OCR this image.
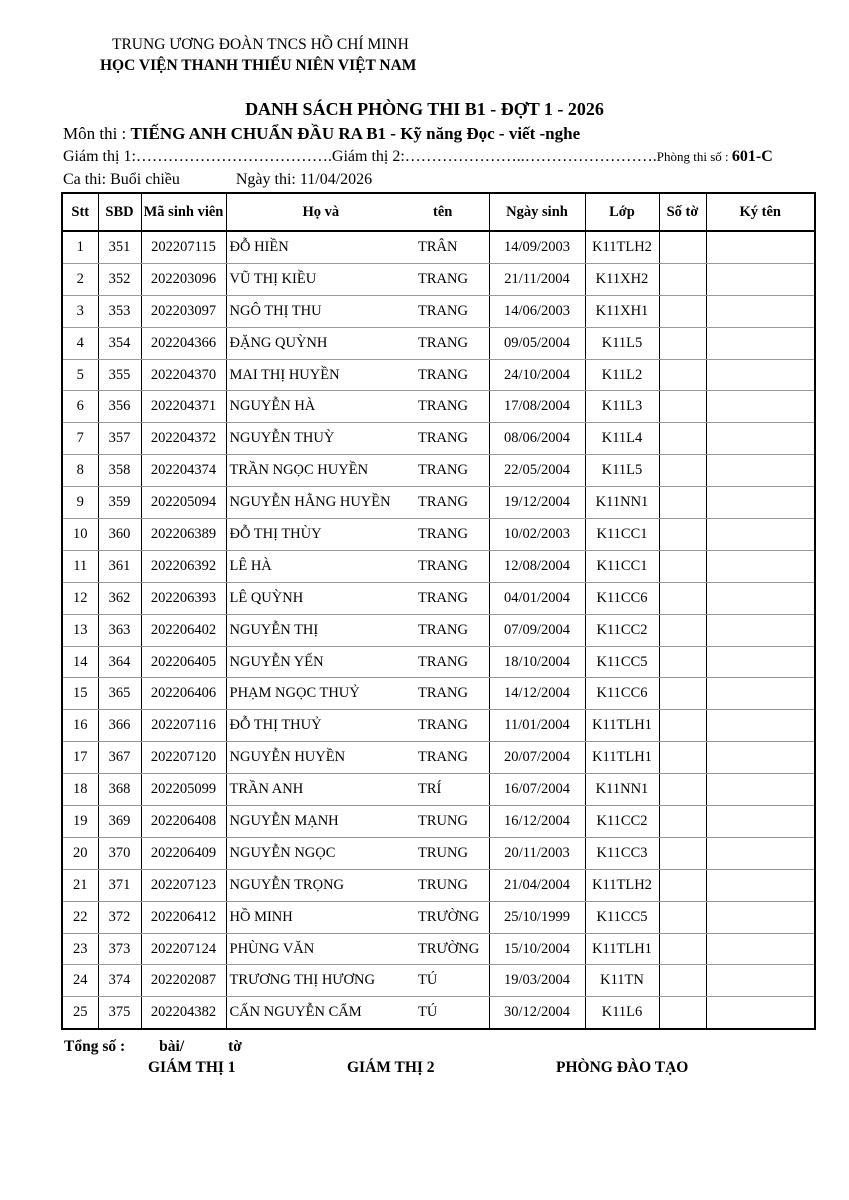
TRUNG ƯƠNG ĐOÀN TNCS HỒ CHÍ MINH
HỌC VIỆN THANH THIẾU NIÊN VIỆT NAM
DANH SÁCH PHÒNG THI B1 - ĐỢT 1 - 2026
Môn thi : TIẾNG ANH CHUẨN ĐẦU RA B1 - Kỹ năng Đọc - viết -nghe
Giám thị 1:……………………………….Giám thị 2:…………………..…………………….Phòng thi số : 601-C
Ca thi: Buổi chiều	Ngày thi: 11/04/2026
Stt	SBD	Mã sinh viên	Họ và	tên	Ngày sinh	Lớp	Số tờ	Ký tên
1	351	202207115	ĐỖ HIỀN	TRÂN	14/09/2003	K11TLH2		
2	352	202203096	VŨ THỊ KIỀU	TRANG	21/11/2004	K11XH2		
3	353	202203097	NGÔ THỊ THU	TRANG	14/06/2003	K11XH1		
4	354	202204366	ĐẶNG QUỲNH	TRANG	09/05/2004	K11L5		
5	355	202204370	MAI THỊ HUYỀN	TRANG	24/10/2004	K11L2		
6	356	202204371	NGUYỄN HÀ	TRANG	17/08/2004	K11L3		
7	357	202204372	NGUYỄN THUỲ	TRANG	08/06/2004	K11L4		
8	358	202204374	TRẦN NGỌC HUYỀN	TRANG	22/05/2004	K11L5		
9	359	202205094	NGUYỄN HẰNG HUYỀN	TRANG	19/12/2004	K11NN1		
10	360	202206389	ĐỖ THỊ THÙY	TRANG	10/02/2003	K11CC1		
11	361	202206392	LÊ HÀ	TRANG	12/08/2004	K11CC1		
12	362	202206393	LÊ QUỲNH	TRANG	04/01/2004	K11CC6		
13	363	202206402	NGUYỄN THỊ	TRANG	07/09/2004	K11CC2		
14	364	202206405	NGUYỄN YẾN	TRANG	18/10/2004	K11CC5		
15	365	202206406	PHẠM NGỌC THUỶ	TRANG	14/12/2004	K11CC6		
16	366	202207116	ĐỖ THỊ THUỶ	TRANG	11/01/2004	K11TLH1		
17	367	202207120	NGUYỄN HUYỀN	TRANG	20/07/2004	K11TLH1		
18	368	202205099	TRẦN ANH	TRÍ	16/07/2004	K11NN1		
19	369	202206408	NGUYỄN MẠNH	TRUNG	16/12/2004	K11CC2		
20	370	202206409	NGUYỄN NGỌC	TRUNG	20/11/2003	K11CC3		
21	371	202207123	NGUYỄN TRỌNG	TRUNG	21/04/2004	K11TLH2		
22	372	202206412	HỒ MINH	TRƯỜNG	25/10/1999	K11CC5		
23	373	202207124	PHÙNG VĂN	TRƯỜNG	15/10/2004	K11TLH1		
24	374	202202087	TRƯƠNG THỊ HƯƠNG	TÚ	19/03/2004	K11TN		
25	375	202204382	CẤN NGUYỄN CẨM	TÚ	30/12/2004	K11L6		
Tổng số : bài/	tờ
GIÁM THỊ 1	GIÁM THỊ 2	PHÒNG ĐÀO TẠO
